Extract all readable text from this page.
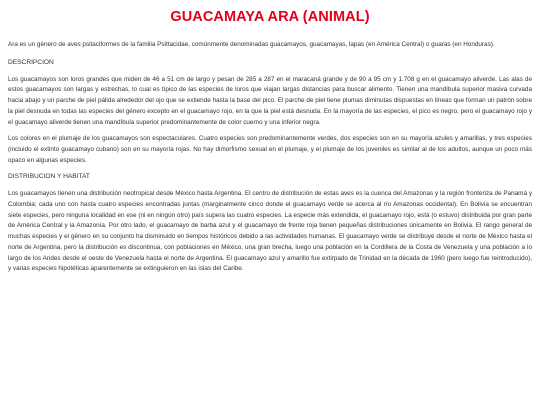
GUACAMAYA ARA (ANIMAL)

Ara es un género de aves psitaciformes de la familia Psittacidae, comúnmente denominadas guacamayos, guacamayas, lapas (en América Central) o guaras (en Honduras).

DESCRIPCION

Los guacamayos son loros grandes que miden de 46 a 51 cm de largo y pesan de 285 a 287 en el maracaná grande y de 90 a 95 cm y 1.708 g en el guacamayo aliverde. Las alas de estos guacamayos son largas y estrechas, lo cual es típico de las especies de loros que viajan largas distancias para buscar alimento. Tienen una mandíbula superior masiva curvada hacia abajo y un parche de piel pálida alrededor del ojo que se extiende hasta la base del pico. El parche de piel tiene plumas diminutas dispuestas en líneas que forman un patrón sobre la piel desnuda en todas las especies del género excepto en el guacamayo rojo, en la que la piel está desnuda. En la mayoría de las especies, el pico es negro, pero el guacamayo rojo y el guacamayo aliverde tienen una mandíbula superior predominantemente de color cuerno y una inferior negra.

Los colores en el plumaje de los guacamayos son espectaculares. Cuatro especies son predominantemente verdes, dos especies son en su mayoría azules y amarillas, y tres especies (incluido el extinto guacamayo cubano) son en su mayoría rojas. No hay dimorfismo sexual en el plumaje, y el plumaje de los juveniles es similar al de los adultos, aunque un poco más opaco en algunas especies.

DISTRIBUCION Y HABITAT

Los guacamayos tienen una distribución neotropical desde México hasta Argentina. El centro de distribución de estas aves es la cuenca del Amazonas y la región fronteriza de Panamá y Colombia; cada uno con hasta cuatro especies encontradas juntas (marginalmente cinco donde el guacamayo verde se acerca al río Amazonas occidental). En Bolivia se encuentran siete especies, pero ninguna localidad en ese (ni en ningún otro) país supera las cuatro especies. La especie más extendida, el guacamayo rojo, está (o estuvo) distribuida por gran parte de América Central y la Amazonía. Por otro lado, el guacamayo de barba azul y el guacamayo de frente roja tienen pequeñas distribuciones únicamente en Bolivia. El rango general de muchas especies y el género en su conjunto ha disminuido en tiempos históricos debido a las actividades humanas. El guacamayo verde se distribuye desde el norte de México hasta el norte de Argentina, pero la distribución es discontinua, con poblaciones en México, una gran brecha, luego una población en la Cordillera de la Costa de Venezuela y una población a lo largo de los Andes desde el oeste de Venezuela hasta el norte de Argentina. El guacamayo azul y amarillo fue extirpado de Trinidad en la década de 1960 (pero luego fue reintroducido), y varias especies hipotéticas aparentemente se extinguieron en las islas del Caribe.
